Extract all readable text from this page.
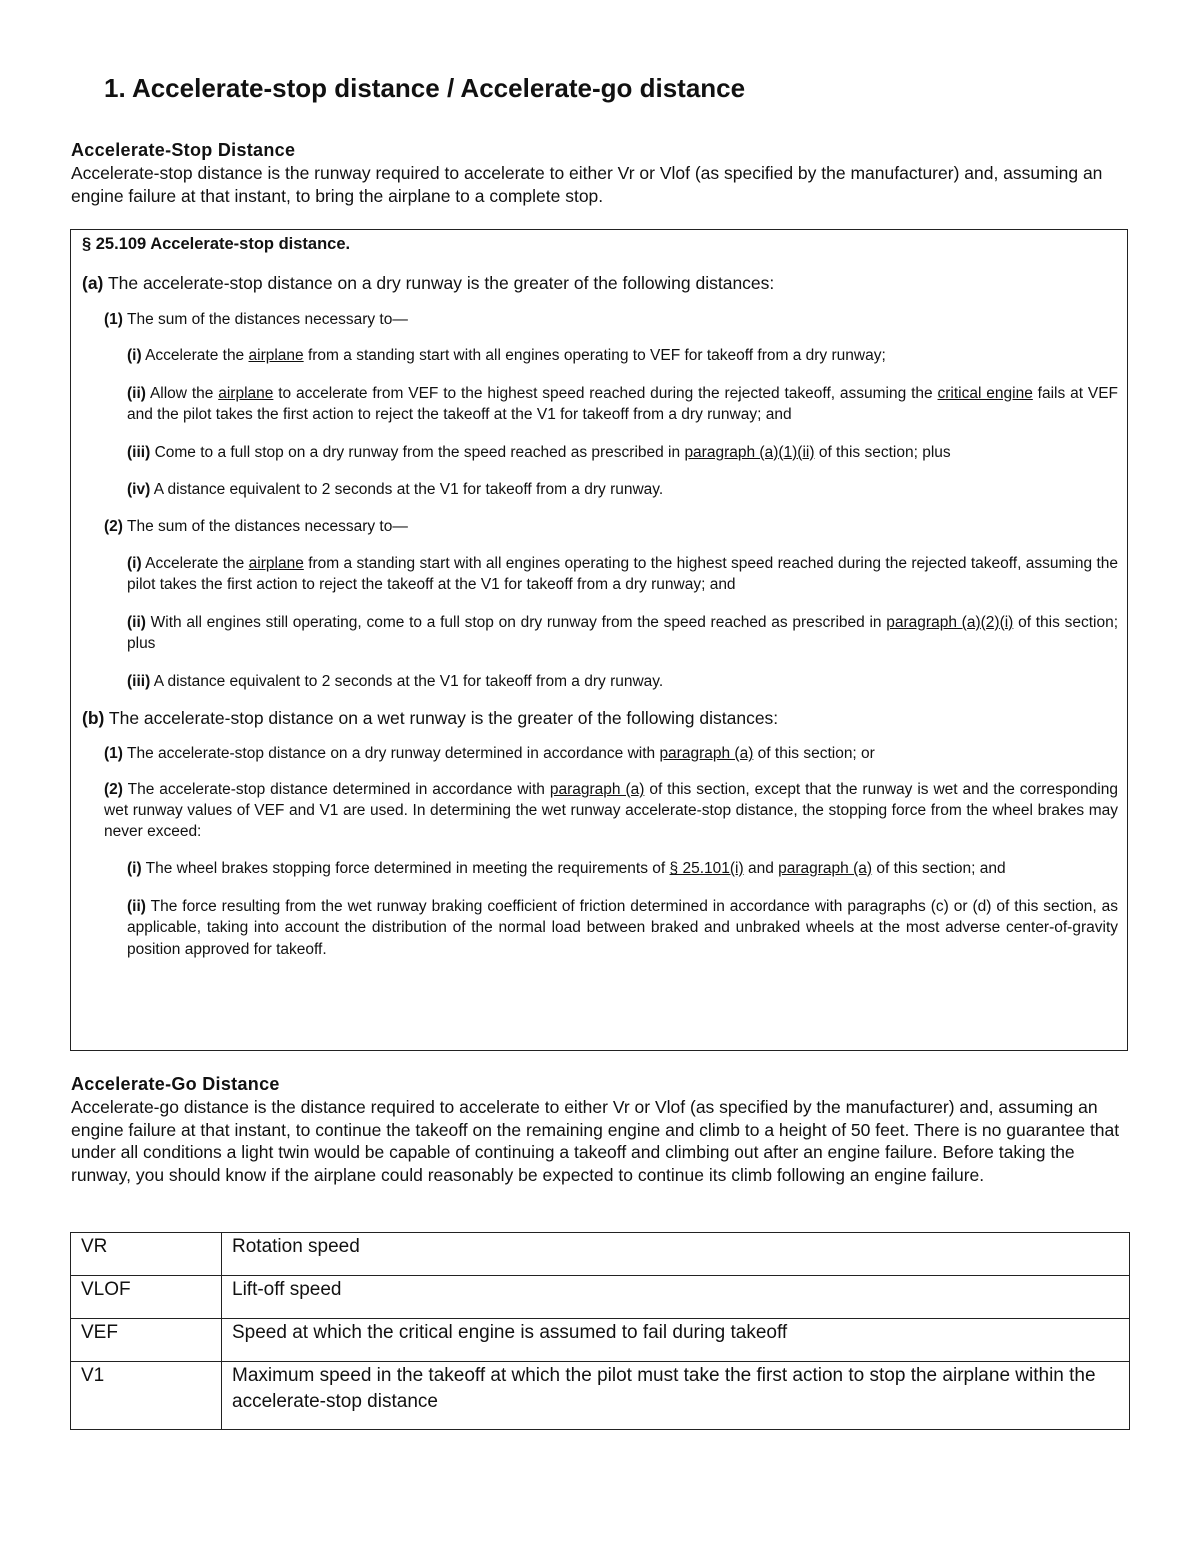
1. Accelerate-stop distance / Accelerate-go distance
Accelerate-Stop Distance

Accelerate-stop distance is the runway required to accelerate to either Vr or Vlof (as specified by the manufacturer) and, assuming an engine failure at that instant, to bring the airplane to a complete stop.

§ 25.109 Accelerate-stop distance.

(a) The accelerate-stop distance on a dry runway is the greater of the following distances:

(1) The sum of the distances necessary to—

(i) Accelerate the airplane from a standing start with all engines operating to VEF for takeoff from a dry runway;

(ii) Allow the airplane to accelerate from VEF to the highest speed reached during the rejected takeoff, assuming the critical engine fails at VEF and the pilot takes the first action to reject the takeoff at the V1 for takeoff from a dry runway; and

(iii) Come to a full stop on a dry runway from the speed reached as prescribed in paragraph (a)(1)(ii) of this section; plus

(iv) A distance equivalent to 2 seconds at the V1 for takeoff from a dry runway.

(2) The sum of the distances necessary to—

(i) Accelerate the airplane from a standing start with all engines operating to the highest speed reached during the rejected takeoff, assuming the pilot takes the first action to reject the takeoff at the V1 for takeoff from a dry runway; and

(ii) With all engines still operating, come to a full stop on dry runway from the speed reached as prescribed in paragraph (a)(2)(i) of this section; plus

(iii) A distance equivalent to 2 seconds at the V1 for takeoff from a dry runway.

(b) The accelerate-stop distance on a wet runway is the greater of the following distances:

(1) The accelerate-stop distance on a dry runway determined in accordance with paragraph (a) of this section; or

(2) The accelerate-stop distance determined in accordance with paragraph (a) of this section, except that the runway is wet and the corresponding wet runway values of VEF and V1 are used. In determining the wet runway accelerate-stop distance, the stopping force from the wheel brakes may never exceed:

(i) The wheel brakes stopping force determined in meeting the requirements of § 25.101(i) and paragraph (a) of this section; and

(ii) The force resulting from the wet runway braking coefficient of friction determined in accordance with paragraphs (c) or (d) of this section, as applicable, taking into account the distribution of the normal load between braked and unbraked wheels at the most adverse center-of-gravity position approved for takeoff.

Accelerate-Go Distance

Accelerate-go distance is the distance required to accelerate to either Vr or Vlof (as specified by the manufacturer) and, assuming an engine failure at that instant, to continue the takeoff on the remaining engine and climb to a height of 50 feet. There is no guarantee that under all conditions a light twin would be capable of continuing a takeoff and climbing out after an engine failure. Before taking the runway, you should know if the airplane could reasonably be expected to continue its climb following an engine failure.

VR	Rotation speed
VLOF	Lift-off speed
VEF	Speed at which the critical engine is assumed to fail during takeoff
V1	Maximum speed in the takeoff at which the pilot must take the first action to stop the airplane within the accelerate-stop distance
